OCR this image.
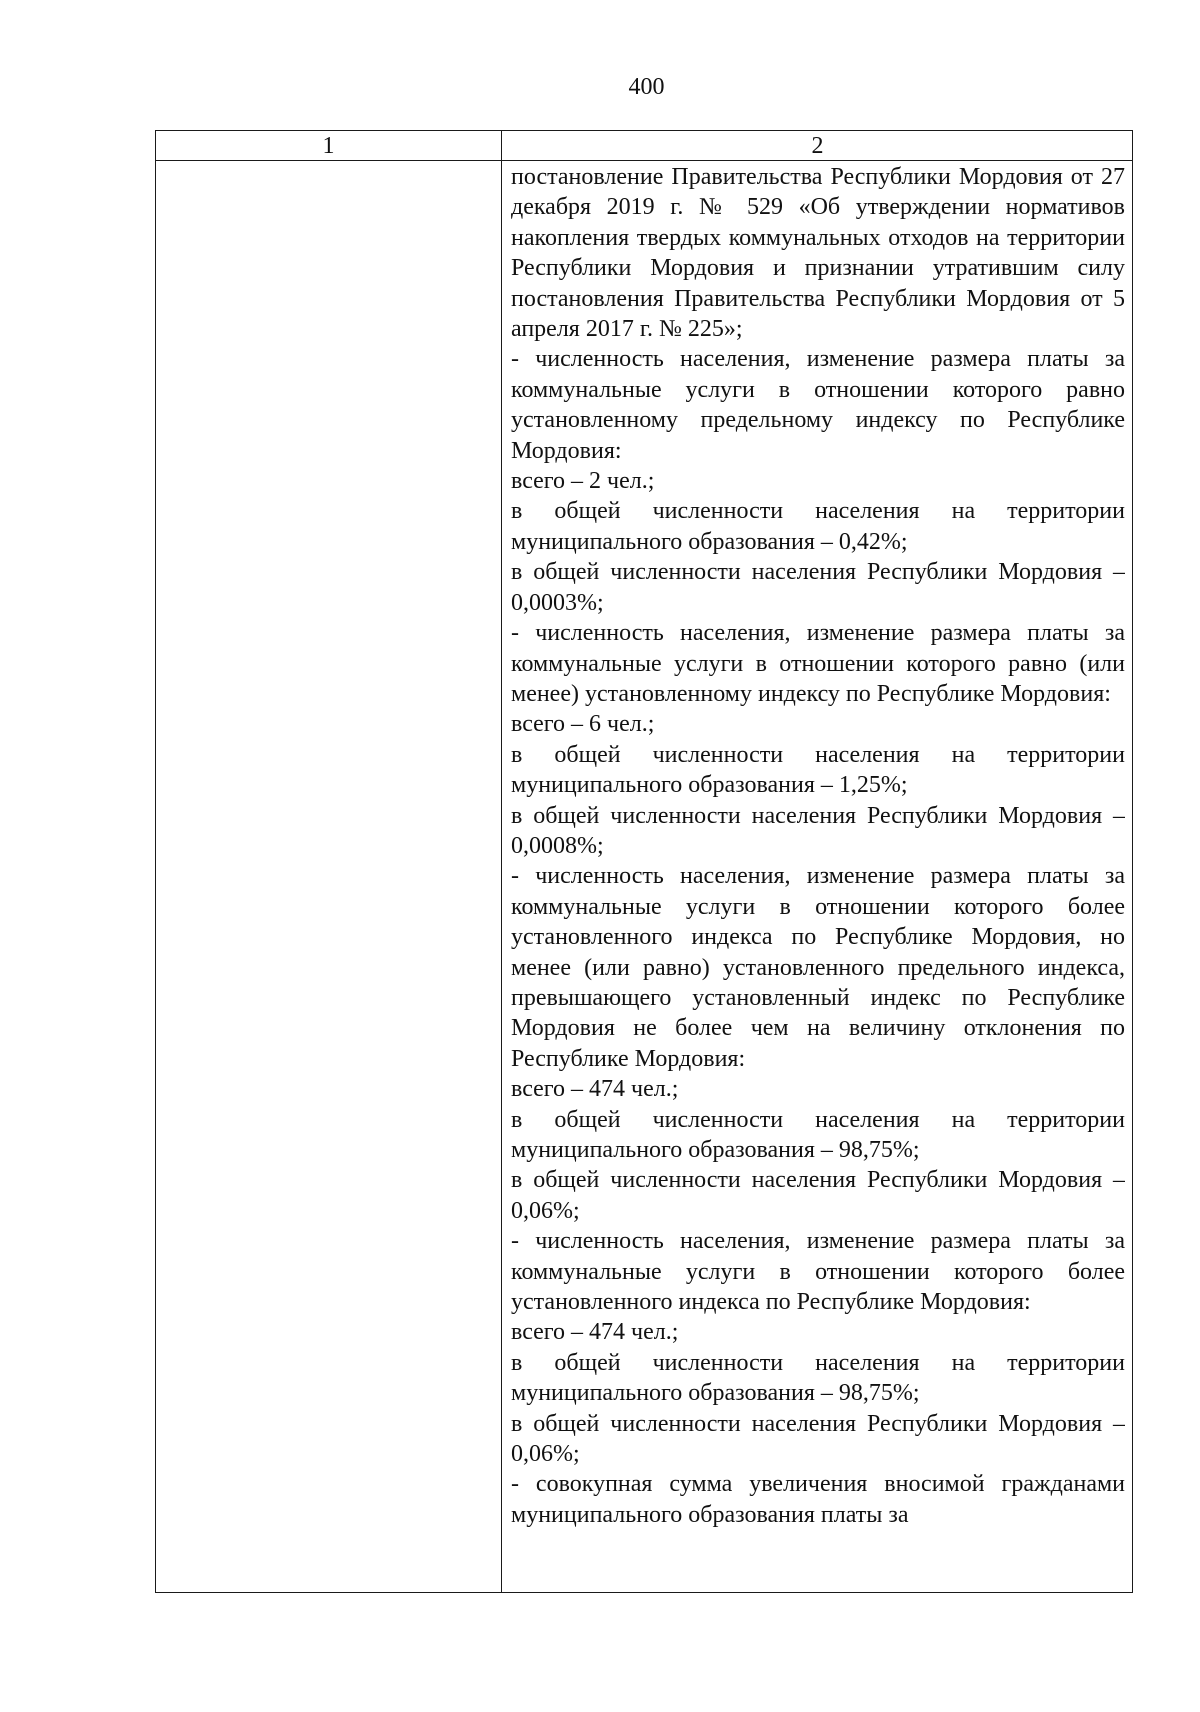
400
1	2

постановление Правительства Республики Мордовия от 27 декабря 2019 г. № 529 «Об утверждении нормативов накопления твердых коммунальных отходов на территории Республики Мордовия и признании утратившим силу постановления Правительства Республики Мордовия от 5 апреля 2017 г. № 225»;

- численность населения, изменение размера платы за коммунальные услуги в отношении которого равно установленному предельному индексу по Республике Мордовия:

всего – 2 чел.;

в общей численности населения на территории муниципального образования – 0,42%;

в общей численности населения Республики Мордовия – 0,0003%;

- численность населения, изменение размера платы за коммунальные услуги в отношении которого равно (или менее) установленному индексу по Республике Мордовия:

всего – 6 чел.;

в общей численности населения на территории муниципального образования – 1,25%;

в общей численности населения Республики Мордовия – 0,0008%;

- численность населения, изменение размера платы за коммунальные услуги в отношении которого более установленного индекса по Республике Мордовия, но менее (или равно) установленного предельного индекса, превышающего установленный индекс по Республике Мордовия не более чем на величину отклонения по Республике Мордовия:

всего – 474 чел.;

в общей численности населения на территории муниципального образования – 98,75%;

в общей численности населения Республики Мордовия – 0,06%;

- численность населения, изменение размера платы за коммунальные услуги в отношении которого более установленного индекса по Республике Мордовия:

всего – 474 чел.;

в общей численности населения на территории муниципального образования – 98,75%;

в общей численности населения Республики Мордовия – 0,06%;

- совокупная сумма увеличения вносимой гражданами муниципального образования платы за
